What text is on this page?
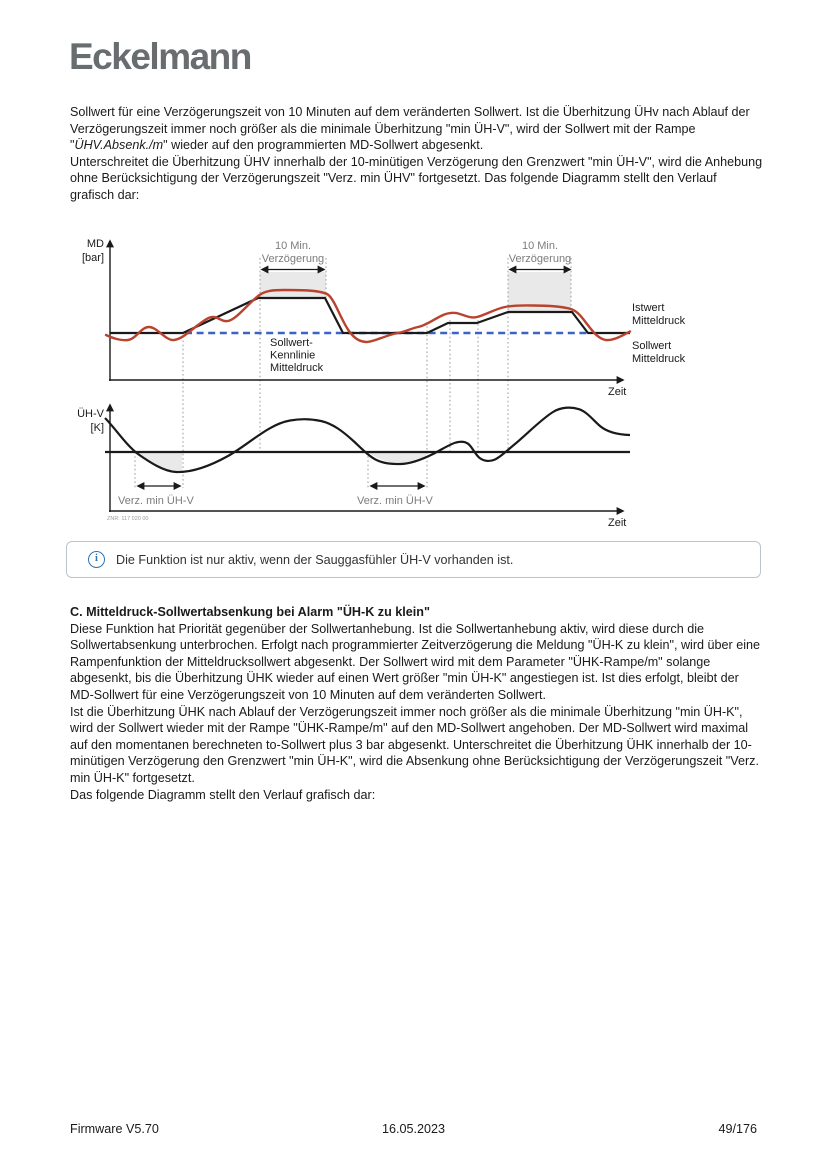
Eckelmann
Sollwert für eine Verzögerungszeit von 10 Minuten auf dem veränderten Sollwert. Ist die Überhitzung ÜHv nach Ablauf der Verzögerungszeit immer noch größer als die minimale Überhitzung "min ÜH-V", wird der Sollwert mit der Rampe "ÜHV.Absenk./m" wieder auf den programmierten MD-Sollwert abgesenkt.
Unterschreitet die Überhitzung ÜHV innerhalb der 10-minütigen Verzögerung den Grenzwert "min ÜH-V", wird die Anhebung ohne Berücksichtigung der Verzögerungszeit "Verz. min ÜHV" fortgesetzt. Das folgende Diagramm stellt den Verlauf grafisch dar:
MD
[bar]
10 Min.
Verzögerung
10 Min.
Verzögerung
Sollwert-
Kennlinie
Mitteldruck
Istwert
Mitteldruck
Sollwert
Mitteldruck
Zeit
ÜH-V
[K]
Verz. min ÜH-V	Verz. min ÜH-V
Zeit
ZNR: 117 020 00
i	Die Funktion ist nur aktiv, wenn der Sauggasfühler ÜH-V vorhanden ist.
C. Mitteldruck-Sollwertabsenkung bei Alarm "ÜH-K zu klein"
Diese Funktion hat Priorität gegenüber der Sollwertanhebung. Ist die Sollwertanhebung aktiv, wird diese durch die Sollwertabsenkung unterbrochen. Erfolgt nach programmierter Zeitverzögerung die Meldung "ÜH-K zu klein", wird über eine Rampenfunktion der Mitteldrucksollwert abgesenkt. Der Sollwert wird mit dem Parameter "ÜHK-Rampe/m" solange abgesenkt, bis die Überhitzung ÜHK wieder auf einen Wert größer "min ÜH-K" angestiegen ist. Ist dies erfolgt, bleibt der MD-Sollwert für eine Verzögerungszeit von 10 Minuten auf dem veränderten Sollwert.
Ist die Überhitzung ÜHK nach Ablauf der Verzögerungszeit immer noch größer als die minimale Überhitzung "min ÜH-K", wird der Sollwert wieder mit der Rampe "ÜHK-Rampe/m" auf den MD-Sollwert angehoben. Der MD-Sollwert wird maximal auf den momentanen berechneten to-Sollwert plus 3 bar abgesenkt. Unterschreitet die Überhitzung ÜHK innerhalb der 10-minütigen Verzögerung den Grenzwert "min ÜH-K", wird die Absenkung ohne Berücksichtigung der Verzögerungszeit "Verz. min ÜH-K" fortgesetzt.
Das folgende Diagramm stellt den Verlauf grafisch dar:
Firmware V5.70	16.05.2023	49/176
